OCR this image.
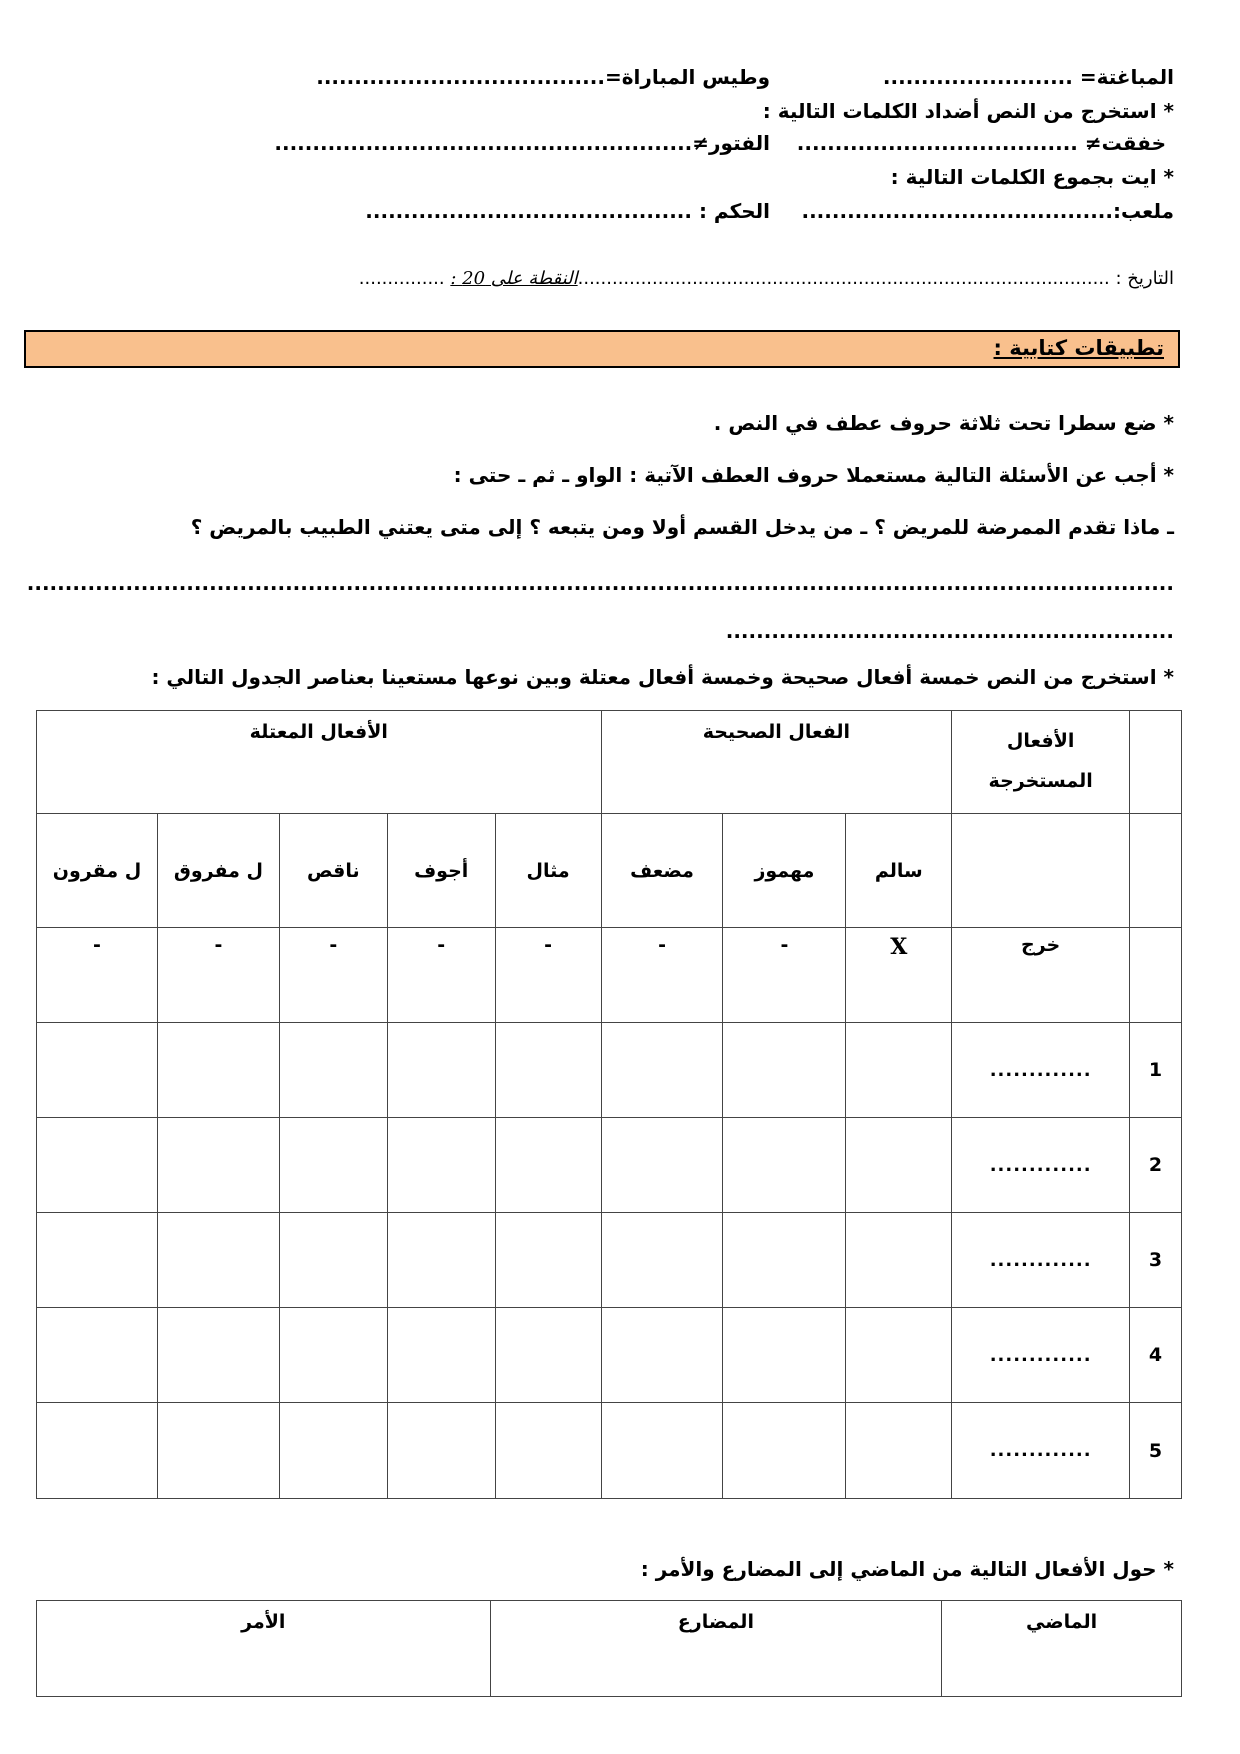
المباغتة= .........................
وطيس المباراة=......................................
* استخرج من النص أضداد الكلمات التالية :
خفقت≠ .....................................
الفتور≠.......................................................
* ايت بجموع الكلمات التالية :
ملعب:.........................................
الحكم : ...........................................
التاريخ : .............................................................................................النقطة على 20 : ...............
تطبيقات كتابية :
* ضع سطرا تحت ثلاثة حروف عطف في النص .
* أجب عن الأسئلة التالية مستعملا حروف العطف الآتية : الواو ـ ثم ـ حتى :
ـ ماذا تقدم الممرضة للمريض ؟ ـ من يدخل القسم أولا ومن يتبعه ؟ إلى متى يعتني الطبيب بالمريض ؟
.......................................................................................................................................................
...........................................................
* استخرج من النص خمسة أفعال صحيحة وخمسة أفعال معتلة وبين نوعها مستعينا بعناصر الجدول التالي :
	الأفعال المستخرجة	الفعال الصحيحة			الأفعال المعتلة				
		سالم	مهموز	مضعف	مثال	أجوف	ناقص	ل مفروق	ل مقرون
	خرج	X	-	-	-	-	-	-	-
1	.............								
2	.............								
3	.............								
4	.............								
5	.............								
* حول الأفعال التالية من الماضي إلى المضارع والأمر :
الماضي	المضارع	الأمر
